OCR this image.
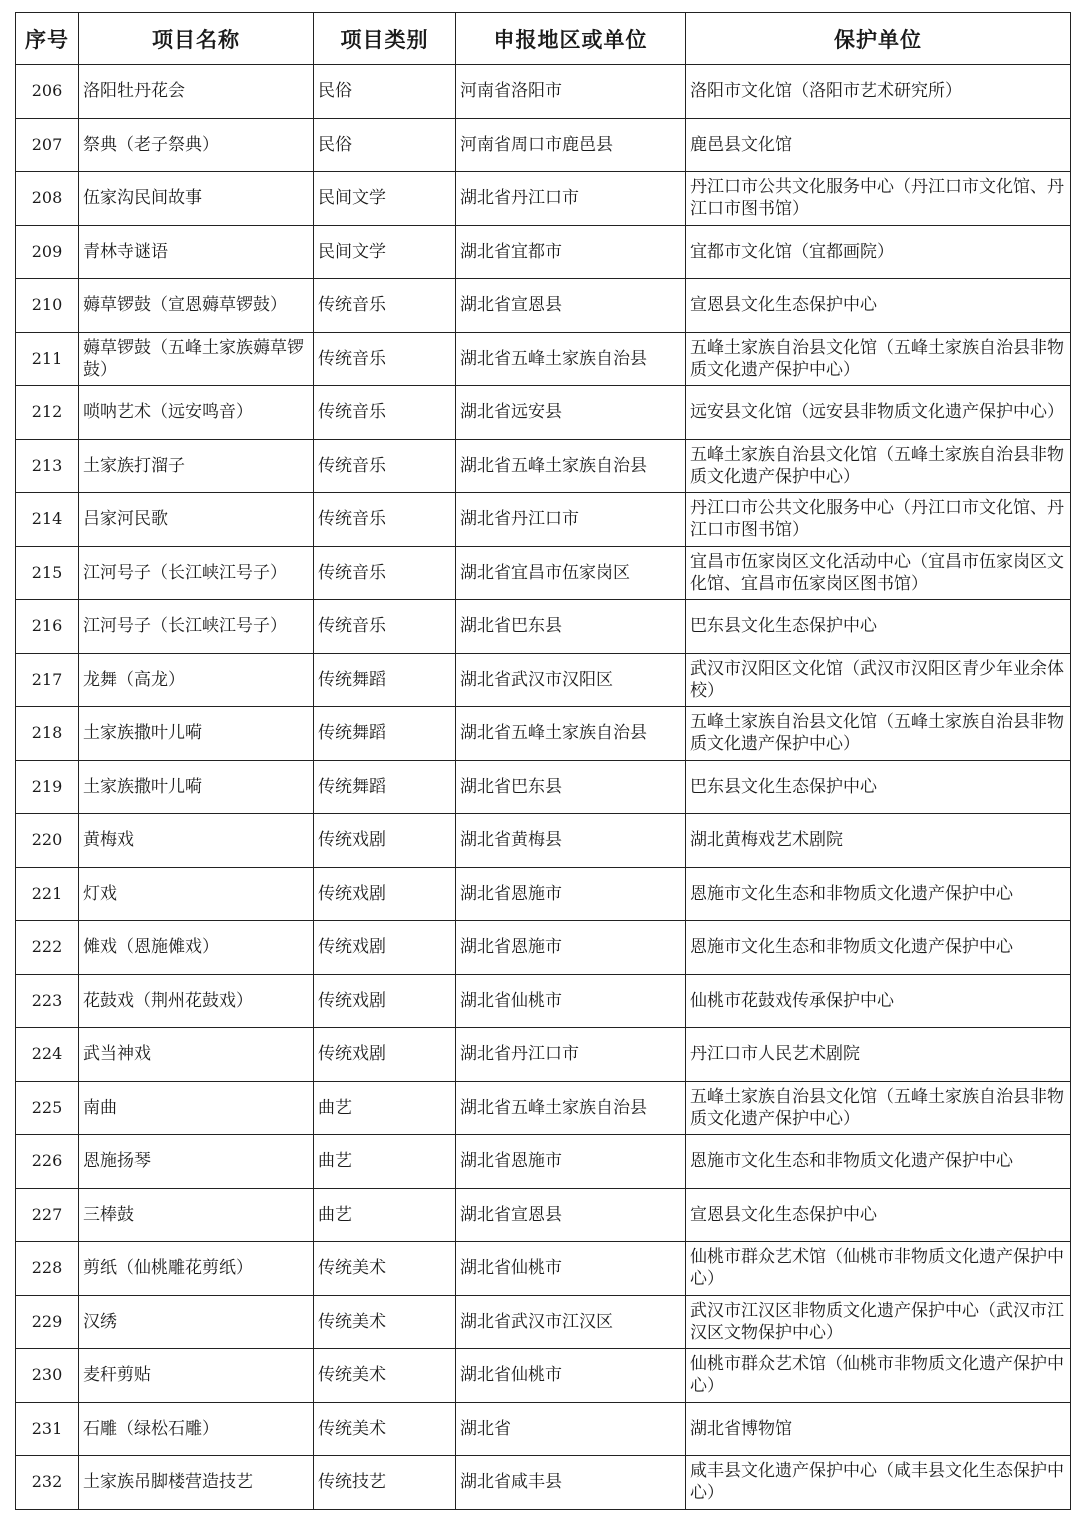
序号	项目名称	项目类别	申报地区或单位	保护单位
206	洛阳牡丹花会	民俗	河南省洛阳市	洛阳市文化馆（洛阳市艺术研究所）
207	祭典（老子祭典）	民俗	河南省周口市鹿邑县	鹿邑县文化馆
208	伍家沟民间故事	民间文学	湖北省丹江口市	丹江口市公共文化服务中心（丹江口市文化馆、丹江口市图书馆）
209	青林寺谜语	民间文学	湖北省宜都市	宜都市文化馆（宜都画院）
210	薅草锣鼓（宣恩薅草锣鼓）	传统音乐	湖北省宣恩县	宣恩县文化生态保护中心
211	薅草锣鼓（五峰土家族薅草锣鼓）	传统音乐	湖北省五峰土家族自治县	五峰土家族自治县文化馆（五峰土家族自治县非物质文化遗产保护中心）
212	唢呐艺术（远安鸣音）	传统音乐	湖北省远安县	远安县文化馆（远安县非物质文化遗产保护中心）
213	土家族打溜子	传统音乐	湖北省五峰土家族自治县	五峰土家族自治县文化馆（五峰土家族自治县非物质文化遗产保护中心）
214	吕家河民歌	传统音乐	湖北省丹江口市	丹江口市公共文化服务中心（丹江口市文化馆、丹江口市图书馆）
215	江河号子（长江峡江号子）	传统音乐	湖北省宜昌市伍家岗区	宜昌市伍家岗区文化活动中心（宜昌市伍家岗区文化馆、宜昌市伍家岗区图书馆）
216	江河号子（长江峡江号子）	传统音乐	湖北省巴东县	巴东县文化生态保护中心
217	龙舞（高龙）	传统舞蹈	湖北省武汉市汉阳区	武汉市汉阳区文化馆（武汉市汉阳区青少年业余体校）
218	土家族撒叶儿嗬	传统舞蹈	湖北省五峰土家族自治县	五峰土家族自治县文化馆（五峰土家族自治县非物质文化遗产保护中心）
219	土家族撒叶儿嗬	传统舞蹈	湖北省巴东县	巴东县文化生态保护中心
220	黄梅戏	传统戏剧	湖北省黄梅县	湖北黄梅戏艺术剧院
221	灯戏	传统戏剧	湖北省恩施市	恩施市文化生态和非物质文化遗产保护中心
222	傩戏（恩施傩戏）	传统戏剧	湖北省恩施市	恩施市文化生态和非物质文化遗产保护中心
223	花鼓戏（荆州花鼓戏）	传统戏剧	湖北省仙桃市	仙桃市花鼓戏传承保护中心
224	武当神戏	传统戏剧	湖北省丹江口市	丹江口市人民艺术剧院
225	南曲	曲艺	湖北省五峰土家族自治县	五峰土家族自治县文化馆（五峰土家族自治县非物质文化遗产保护中心）
226	恩施扬琴	曲艺	湖北省恩施市	恩施市文化生态和非物质文化遗产保护中心
227	三棒鼓	曲艺	湖北省宣恩县	宣恩县文化生态保护中心
228	剪纸（仙桃雕花剪纸）	传统美术	湖北省仙桃市	仙桃市群众艺术馆（仙桃市非物质文化遗产保护中心）
229	汉绣	传统美术	湖北省武汉市江汉区	武汉市江汉区非物质文化遗产保护中心（武汉市江汉区文物保护中心）
230	麦秆剪贴	传统美术	湖北省仙桃市	仙桃市群众艺术馆（仙桃市非物质文化遗产保护中心）
231	石雕（绿松石雕）	传统美术	湖北省	湖北省博物馆
232	土家族吊脚楼营造技艺	传统技艺	湖北省咸丰县	咸丰县文化遗产保护中心（咸丰县文化生态保护中心）
